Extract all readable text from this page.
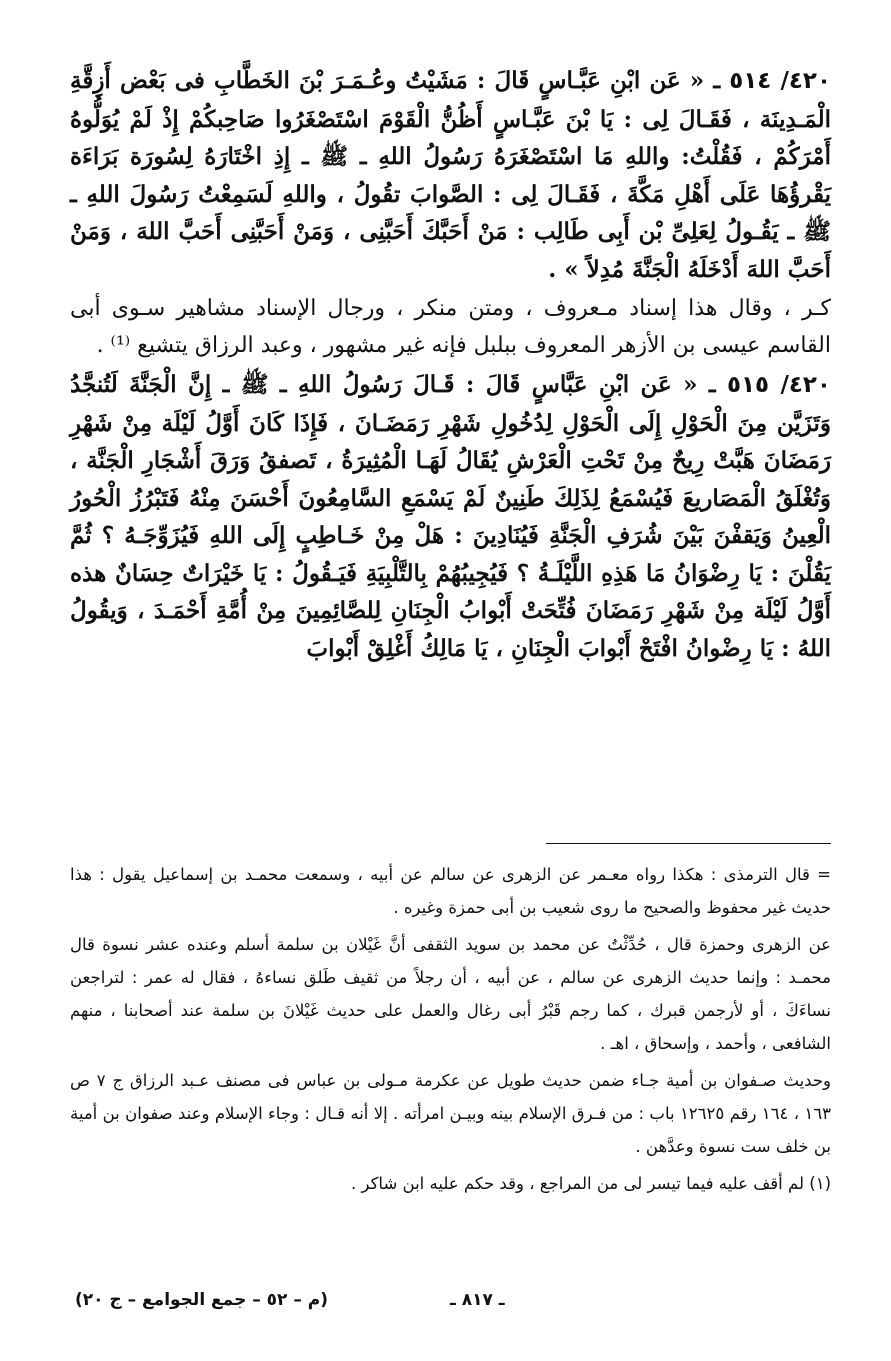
٤٢٠/ ٥١٤ ـ « عَن ابْنِ عَبَّـاسٍ قَالَ : مَشَيْتُ وعُـمَـرَ بْنَ الخَطَّابِ فى بَعْض أَزِقَّةِ الْمَـدِينَة ، فَقَـالَ لِى : يَا بْنَ عَبَّـاسٍ أَظُنُّ الْقَوْمَ اسْتَصْغَرُوا صَاحِبكُمْ إِذْ لَمْ يُوَلُّوهُ أَمْرَكُمْ ، فَقُلْتُ: واللهِ مَا اسْتَصْغَرَهُ رَسُولُ اللهِ ـ ﷺ ـ إِذِ اخْتَارَهُ لِسُورَة بَرَاءَة يَقْرؤُهَا عَلَى أَهْلِ مَكَّةَ ، فَقَـالَ لِى : الصَّوابَ تقُولُ ، واللهِ لَسَمِعْتُ رَسُولَ اللهِ ـ ﷺ ـ يَقُـولُ لِعَلِىِّ بْن أَبِى طَالِب : مَنْ أَحَبَّكَ أَحَبَّنِى ، وَمَنْ أَحَبَّنِى أَحَبَّ اللهَ ، وَمَنْ أَحَبَّ اللهَ أَدْخَلَهُ الْجَنَّةَ مُدِلاً » .

كـر ، وقال هذا إسناد مـعروف ، ومتن منكر ، ورجال الإسناد مشاهير سـوى أبى القاسم عيسى بن الأزهر المعروف ببلبل فإنه غير مشهور ، وعبد الرزاق يتشيع ⁽¹⁾ .

٤٢٠/ ٥١٥ ـ « عَن ابْنِ عَبَّاسٍ قَالَ : قَـالَ رَسُولُ اللهِ ـ ﷺ ـ إِنَّ الْجَنَّةَ لَتُنجَّدُ وَتَزَيَّن مِنَ الْحَوْلِ إِلَى الْحَوْلِ لِدُخُولِ شَهْرِ رَمَضَـانَ ، فَإِذَا كَانَ أَوَّلُ لَيْلَة مِنْ شَهْرِ رَمَضَانَ هَبَّتْ رِيحٌ مِنْ تَحْتِ الْعَرْشِ يُقَالُ لَهَـا الْمُثِيرَةُ ، تَصفقُ وَرَقَ أَشْجَارِ الْجَنَّة ، وَتُغْلَقُ الْمَصَاريعَ فَيُسْمَعُ لِذَلِكَ طَنِينٌ لَمْ يَسْمَعِ السَّامِعُونَ أَحْسَنَ مِنْهُ فَتَبْرُزُ الْحُورُ الْعِينُ وَيَقفْنَ بَيْنَ شُرَفِ الْجَنَّةِ فَيُنَادِينَ : هَلْ مِنْ خَـاطِبٍ إِلَى اللهِ فَيُزَوِّجَـهُ ؟ ثُمَّ يَقُلْنَ : يَا رِضْوَانُ مَا هَذِهِ اللَّيْلَـةُ ؟ فَيُجِيبُهُمْ بِالتَّلْبِيَةِ فَيَـقُولُ : يَا خَيْرَاتٌ حِسَانٌ هذه أَوَّلُ لَيْلَة مِنْ شَهْرِ رَمَضَانَ فُتِّحَتْ أَبْوابُ الْجِنَانِ لِلصَّائِمِينَ مِنْ أُمَّةِ أَحْمَـدَ ، وَيقُولُ اللهُ : يَا رِضْوانُ افْتَحْ أَبْوابَ الْجِنَانِ ، يَا مَالِكُ أَغْلِقْ أَبْوابَ

= قال الترمذى : هكذا رواه معـمر عن الزهرى عن سالم عن أبيه ، وسمعت محمـد بن إسماعيل يقول : هذا حديث غير محفوظ والصحيح ما روى شعيب بن أبى حمزة وغيره .

عن الزهرى وحمزة قال ، حُدِّثْتُ عن محمد بن سويد الثقفى أنَّ غَيْلان بن سلمة أسلم وعنده عشر نسوة قال محمـد : وإنما حديث الزهرى عن سالم ، عن أبيه ، أن رجلاً من ثقيف طَلق نساءهُ ، فقال له عمر : لتراجعن نساءَكَ ، أو لأرجمن قبرك ، كما رجم قَبْرُ أبى رغال والعمل على حديث غَيْلانَ بن سلمة عند أصحابنا ، منهم الشافعى ، وأحمد ، وإسحاق ، اهـ .

وحديث صـفوان بن أمية جـاء ضمن حديث طويل عن عكرمة مـولى بن عباس فى مصنف عـبد الرزاق ج ٧ ص ١٦٣ ، ١٦٤ رقم ١٢٦٢٥ باب : من فـرق الإسلام بينه وبيـن امرأته . إلا أنه قـال : وجاء الإسلام وعند صفوان بن أمية بن خلف ست نسوة وعدَّهن .

(١) لم أقف عليه فيما تيسر لى من المراجع ، وقد حكم عليه ابن شاكر .

ـ ٨١٧ ـ
(م – ٥٢ – جمع الجوامع – ج ٢٠)
